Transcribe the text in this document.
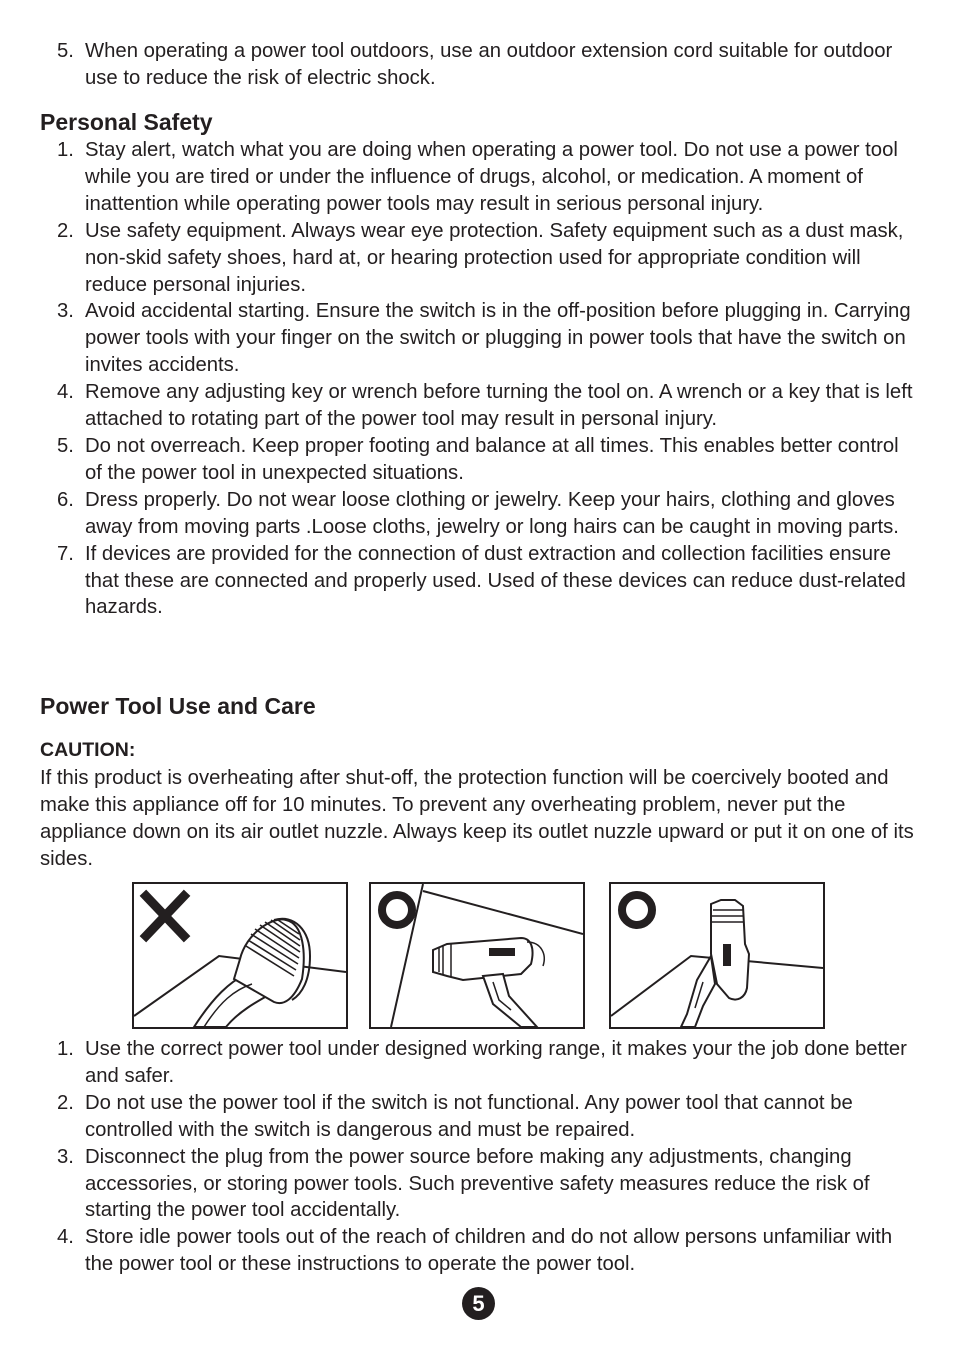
5. When operating a power tool outdoors, use an outdoor extension cord suitable for outdoor use to reduce the risk of electric shock.
Personal Safety
1. Stay alert, watch what you are doing when operating a power tool. Do not use a power tool while you are tired or under the influence of drugs, alcohol, or medication. A moment of inattention while operating power tools may result in serious personal injury.
2. Use safety equipment. Always wear eye protection. Safety equipment such as a dust mask, non-skid safety shoes, hard at, or hearing protection used for appropriate condition will reduce personal injuries.
3. Avoid accidental starting. Ensure the switch is in the off-position before plugging in. Carrying power tools with your finger on the switch or plugging in power tools that have the switch on invites accidents.
4. Remove any adjusting key or wrench before turning the tool on. A wrench or a key that is left attached to rotating part of the power tool may result in personal injury.
5. Do not overreach. Keep proper footing and balance at all times. This enables better control of the power tool in unexpected situations.
6. Dress properly. Do not wear loose clothing or jewelry. Keep your hairs, clothing and gloves away from moving parts .Loose cloths, jewelry or long hairs can be caught in moving parts.
7. If devices are provided for the connection of dust extraction and collection facilities ensure that these are connected and properly used. Used of these devices can reduce dust-related hazards.
Power Tool Use and Care
CAUTION:
If this product is overheating after shut-off, the protection function will be coercively booted and make this appliance off for 10 minutes. To prevent any overheating problem, never put the appliance down on its air outlet nuzzle. Always keep its outlet nuzzle upward or put it on one of its sides.
1. Use the correct power tool under designed working range, it makes your the job done better and safer.
2. Do not use the power tool if the switch is not functional. Any power tool that cannot be controlled with the switch is dangerous and must be repaired.
3. Disconnect the plug from the power source before making any adjustments, changing accessories, or storing power tools. Such preventive safety measures reduce the risk of starting the power tool accidentally.
4. Store idle power tools out of the reach of children and do not allow persons unfamiliar with the power tool or these instructions to operate the power tool.
5
